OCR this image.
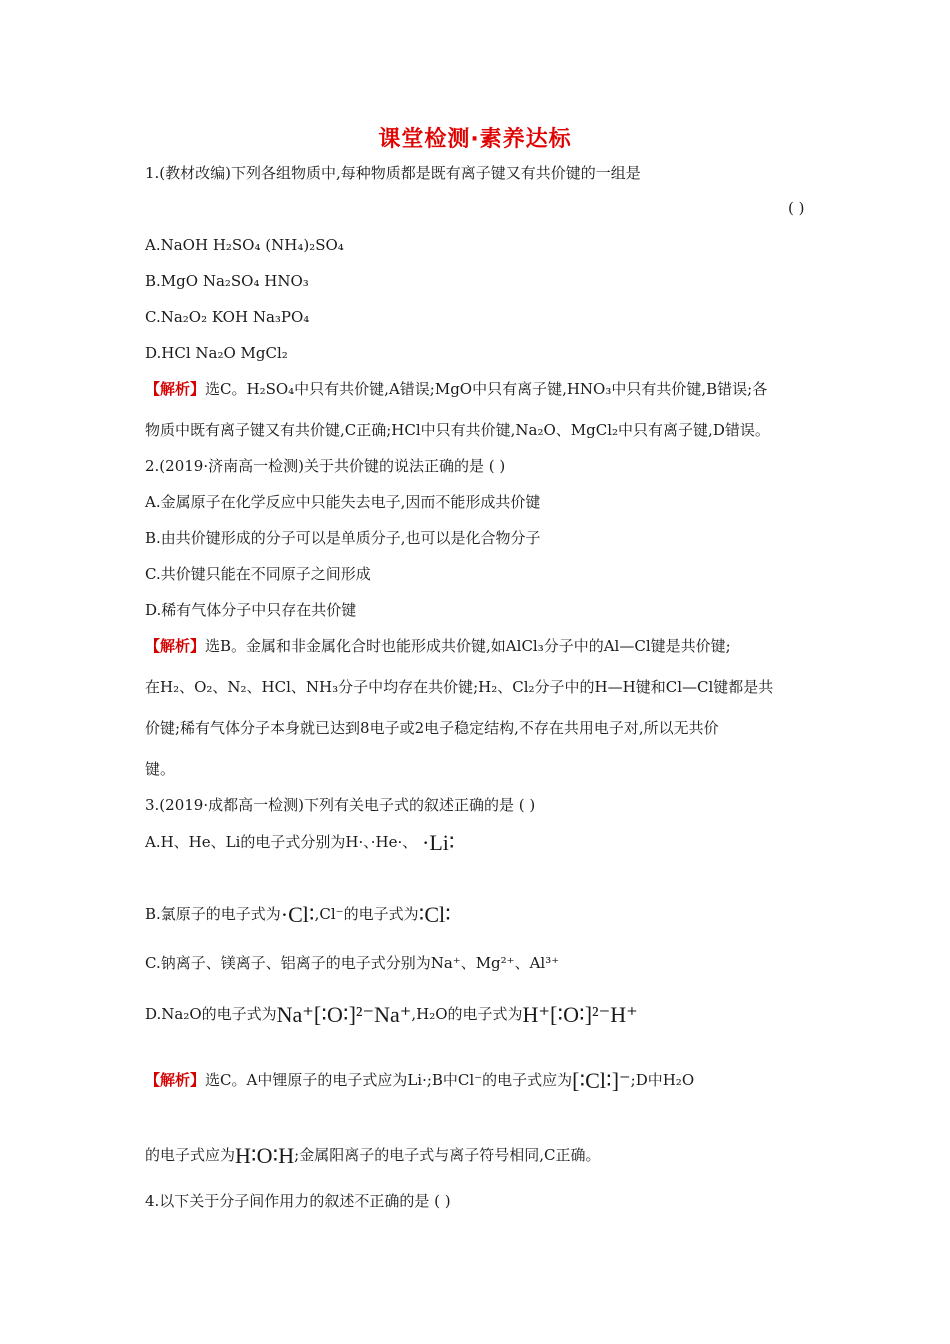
课堂检测·素养达标
1.(教材改编)下列各组物质中,每种物质都是既有离子键又有共价键的一组是
( )
A.NaOH H₂SO₄ (NH₄)₂SO₄
B.MgO Na₂SO₄ HNO₃
C.Na₂O₂ KOH Na₃PO₄
D.HCl Na₂O MgCl₂
【解析】选C。H₂SO₄中只有共价键,A错误;MgO中只有离子键,HNO₃中只有共价键,B错误;各
物质中既有离子键又有共价键,C正确;HCl中只有共价键,Na₂O、MgCl₂中只有离子键,D错误。
2.(2019·济南高一检测)关于共价键的说法正确的是 ( )
A.金属原子在化学反应中只能失去电子,因而不能形成共价键
B.由共价键形成的分子可以是单质分子,也可以是化合物分子
C.共价键只能在不同原子之间形成
D.稀有气体分子中只存在共价键
【解析】选B。金属和非金属化合时也能形成共价键,如AlCl₃分子中的Al—Cl键是共价键;
在H₂、O₂、N₂、HCl、NH₃分子中均存在共价键;H₂、Cl₂分子中的H—H键和Cl—Cl键都是共
价键;稀有气体分子本身就已达到8电子或2电子稳定结构,不存在共用电子对,所以无共价
键。
3.(2019·成都高一检测)下列有关电子式的叙述正确的是 ( )
A.H、He、Li的电子式分别为H·、·He·、 ·Li∶
B.氯原子的电子式为·Cl∶,Cl⁻的电子式为∶Cl∶
C.钠离子、镁离子、铝离子的电子式分别为Na⁺、Mg²⁺、Al³⁺
D.Na₂O的电子式为Na⁺[∶O∶]²⁻Na⁺,H₂O的电子式为H⁺[∶O∶]²⁻H⁺
【解析】选C。A中锂原子的电子式应为Li·;B中Cl⁻的电子式应为[∶Cl∶]⁻;D中H₂O
的电子式应为H∶O∶H;金属阳离子的电子式与离子符号相同,C正确。
4.以下关于分子间作用力的叙述不正确的是 ( )
